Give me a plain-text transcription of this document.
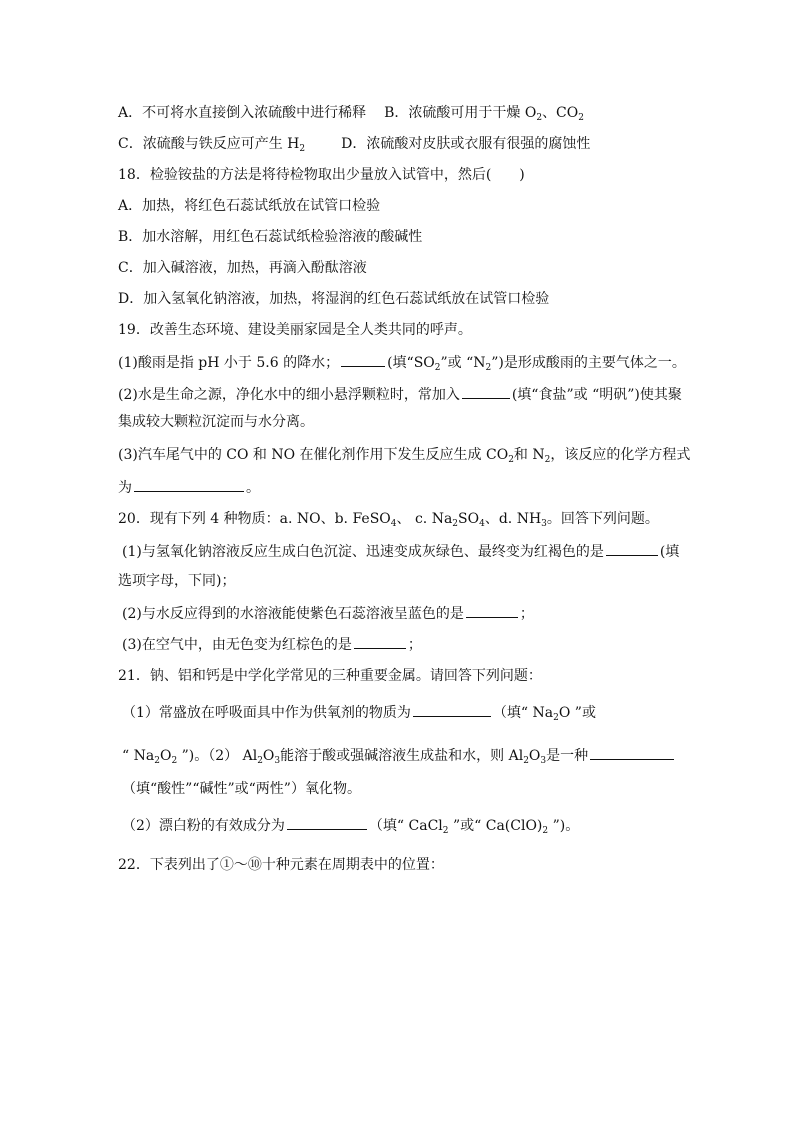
A．不可将水直接倒入浓硫酸中进行稀释 B．浓硫酸可用于干燥 $O_2$、$CO_2$
C．浓硫酸与铁反应可产生 $H_2$	D．浓硫酸对皮肤或衣服有很强的腐蚀性
18．检验铵盐的方法是将待检物取出少量放入试管中，然后(　　)
A．加热，将红色石蕊试纸放在试管口检验
B．加水溶解，用红色石蕊试纸检验溶液的酸碱性
C．加入碱溶液，加热，再滴入酚酞溶液
D．加入氢氧化钠溶液，加热，将湿润的红色石蕊试纸放在试管口检验
19．改善生态环境、建设美丽家园是全人类共同的呼声。
(1)酸雨是指 pH 小于 5.6 的降水；	(填“$SO_2$”或 “$N_2$”)是形成酸雨的主要气体之一。
(2)水是生命之源，净化水中的细小悬浮颗粒时，常加入	(填“食盐”或 “明矾”)使其聚
集成较大颗粒沉淀而与水分离。
(3)汽车尾气中的 CO 和 NO 在催化剂作用下发生反应生成 $CO_2$和 $N_2$，该反应的化学方程式
为	。
20．现有下列 4 种物质：a. NO、b. FeSO$_4$、 c. $Na_2SO_4$、d. $NH_3$。回答下列问题。
(1)与氢氧化钠溶液反应生成白色沉淀、迅速变成灰绿色、最终变为红褐色的是	(填
选项字母，下同)；
(2)与水反应得到的水溶液能使紫色石蕊溶液呈蓝色的是	；
(3)在空气中，由无色变为红棕色的是	；
21．钠、铝和钙是中学化学常见的三种重要金属。请回答下列问题：
（1）常盛放在呼吸面具中作为供氧剂的物质为	（填“ $Na_2O$ ”或
“ $Na_2O_2$ ”)。（2） $Al_2O_3$能溶于酸或强碱溶液生成盐和水，则 $Al_2O_3$是一种
（填“酸性”“碱性”或“两性”）氧化物。
（2）漂白粉的有效成分为	（填“ CaCl$_2$ ”或“ $Ca(ClO)_2$ ”)。
22．下表列出了①～⑩十种元素在周期表中的位置：
